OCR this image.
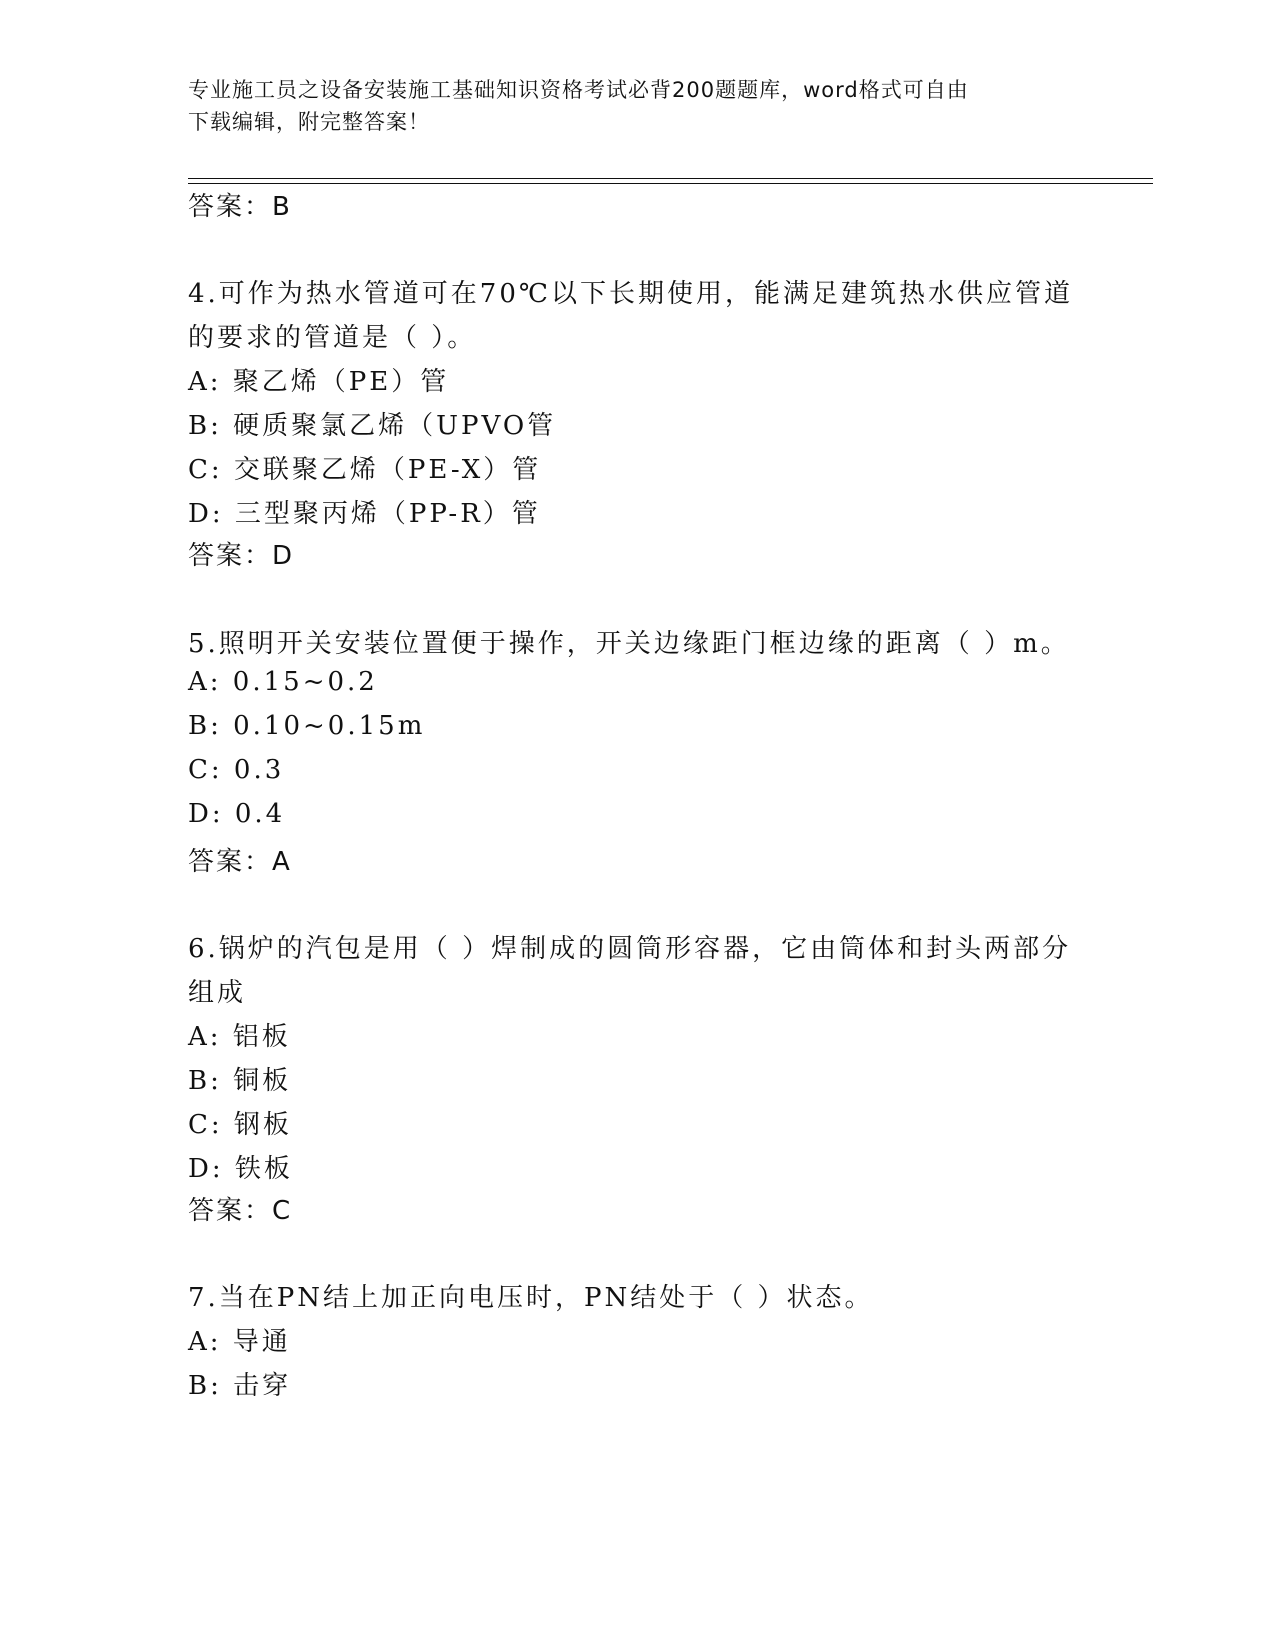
专业施工员之设备安装施工基础知识资格考试必背200题题库，word格式可自由
下载编辑，附完整答案！
答案：B
4.可作为热水管道可在70℃以下长期使用，能满足建筑热水供应管道
的要求的管道是（ ）。
A: 聚乙烯（PE）管
B: 硬质聚氯乙烯（UPVO管
C: 交联聚乙烯（PE-X）管
D: 三型聚丙烯（PP-R）管
答案：D
5.照明开关安装位置便于操作，开关边缘距门框边缘的距离（ ）m。
A: 0.15~0.2
B: 0.10~0.15m
C: 0.3
D: 0.4
答案：A
6.锅炉的汽包是用（ ）焊制成的圆筒形容器，它由筒体和封头两部分
组成
A: 铝板
B: 铜板
C: 钢板
D: 铁板
答案：C
7.当在PN结上加正向电压时，PN结处于（ ）状态。
A: 导通
B: 击穿
